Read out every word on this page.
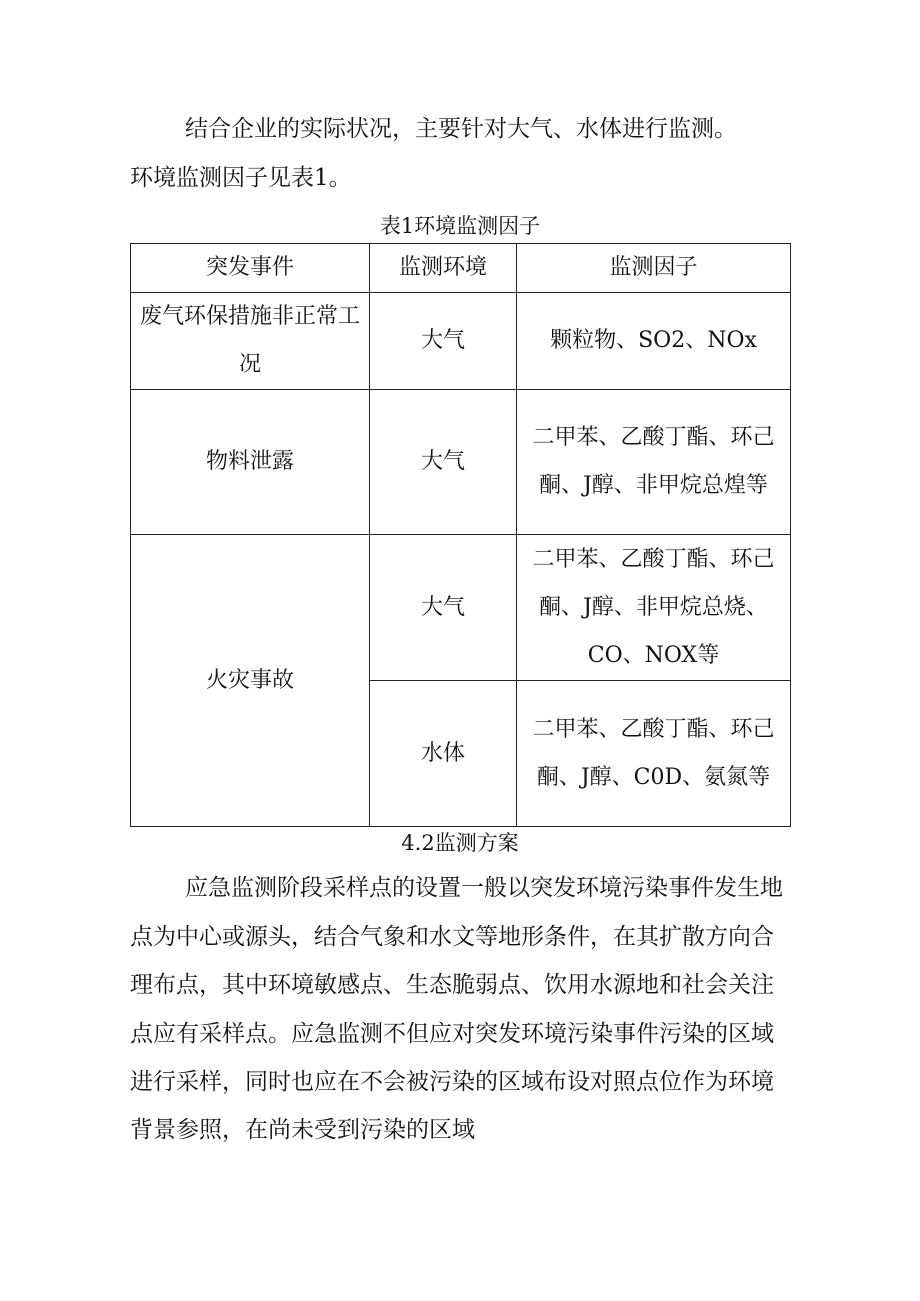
结合企业的实际状况，主要针对大气、水体进行监测。
环境监测因子见表1。
表1环境监测因子
突发事件	监测环境	监测因子
废气环保措施非正常工况	大气	颗粒物、SO2、NOx
物料泄露	大气	二甲苯、乙酸丁酯、环己酮、J醇、非甲烷总煌等
火灾事故	大气	二甲苯、乙酸丁酯、环己酮、J醇、非甲烷总烧、CO、NOX等
	水体	二甲苯、乙酸丁酯、环己酮、J醇、C0D、氨氮等
4.2监测方案
应急监测阶段采样点的设置一般以突发环境污染事件发生地
点为中心或源头，结合气象和水文等地形条件，在其扩散方向合
理布点，其中环境敏感点、生态脆弱点、饮用水源地和社会关注
点应有采样点。应急监测不但应对突发环境污染事件污染的区域
进行采样，同时也应在不会被污染的区域布设对照点位作为环境
背景参照，在尚未受到污染的区域
